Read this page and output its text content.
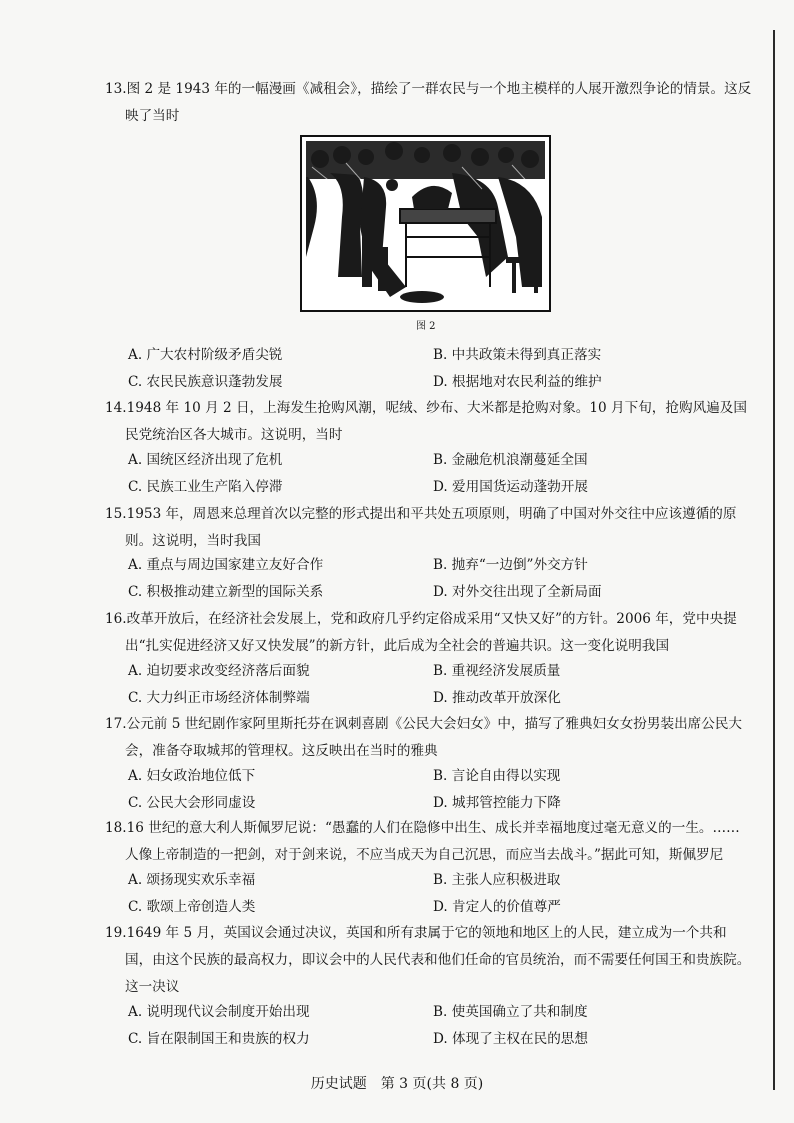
13.图 2 是 1943 年的一幅漫画《减租会》，描绘了一群农民与一个地主模样的人展开激烈争论的情景。这反映了当时
图 2
A. 广大农村阶级矛盾尖锐	B. 中共政策未得到真正落实
C. 农民民族意识蓬勃发展	D. 根据地对农民利益的维护
14.1948 年 10 月 2 日，上海发生抢购风潮，呢绒、纱布、大米都是抢购对象。10 月下旬，抢购风遍及国民党统治区各大城市。这说明，当时
A. 国统区经济出现了危机	B. 金融危机浪潮蔓延全国
C. 民族工业生产陷入停滞	D. 爱用国货运动蓬勃开展
15.1953 年，周恩来总理首次以完整的形式提出和平共处五项原则，明确了中国对外交往中应该遵循的原则。这说明，当时我国
A. 重点与周边国家建立友好合作	B. 抛弃“一边倒”外交方针
C. 积极推动建立新型的国际关系	D. 对外交往出现了全新局面
16.改革开放后，在经济社会发展上，党和政府几乎约定俗成采用“又快又好”的方针。2006 年，党中央提出“扎实促进经济又好又快发展”的新方针，此后成为全社会的普遍共识。这一变化说明我国
A. 迫切要求改变经济落后面貌	B. 重视经济发展质量
C. 大力纠正市场经济体制弊端	D. 推动改革开放深化
17.公元前 5 世纪剧作家阿里斯托芬在讽刺喜剧《公民大会妇女》中，描写了雅典妇女女扮男装出席公民大会，准备夺取城邦的管理权。这反映出在当时的雅典
A. 妇女政治地位低下	B. 言论自由得以实现
C. 公民大会形同虚设	D. 城邦管控能力下降
18.16 世纪的意大利人斯佩罗尼说：“愚蠢的人们在隐修中出生、成长并幸福地度过毫无意义的一生。……人像上帝制造的一把剑，对于剑来说，不应当成天为自己沉思，而应当去战斗。”据此可知，斯佩罗尼
A. 颂扬现实欢乐幸福	B. 主张人应积极进取
C. 歌颂上帝创造人类	D. 肯定人的价值尊严
19.1649 年 5 月，英国议会通过决议，英国和所有隶属于它的领地和地区上的人民，建立成为一个共和国，由这个民族的最高权力，即议会中的人民代表和他们任命的官员统治，而不需要任何国王和贵族院。这一决议
A. 说明现代议会制度开始出现	B. 使英国确立了共和制度
C. 旨在限制国王和贵族的权力	D. 体现了主权在民的思想
历史试题　第 3 页(共 8 页)
